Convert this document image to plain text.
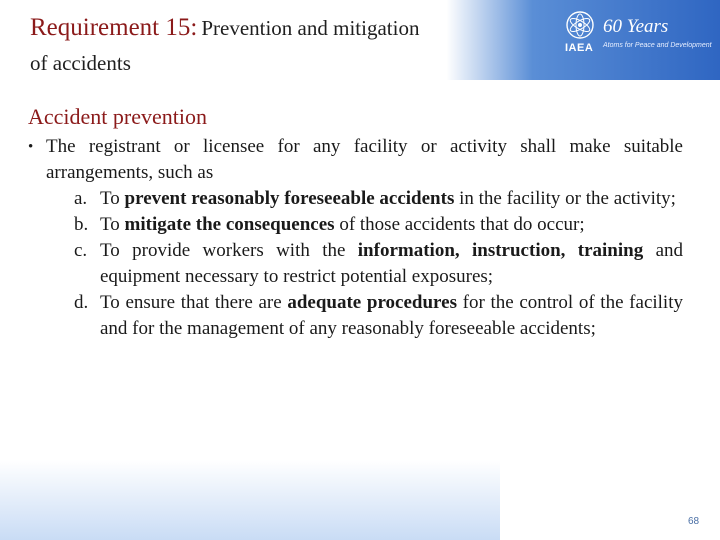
Requirement 15: Prevention and mitigation
of accidents
IAEA
60 Years
Atoms for Peace and Development
Accident prevention
• The registrant or licensee for any facility or activity shall make suitable arrangements, such as
a. To prevent reasonably foreseeable accidents in the facility or the activity;
b. To mitigate the consequences of those accidents that do occur;
c. To provide workers with the information, instruction, training and equipment necessary to restrict potential exposures;
d. To ensure that there are adequate procedures for the control of the facility and for the management of any reasonably foreseeable accidents;
68
